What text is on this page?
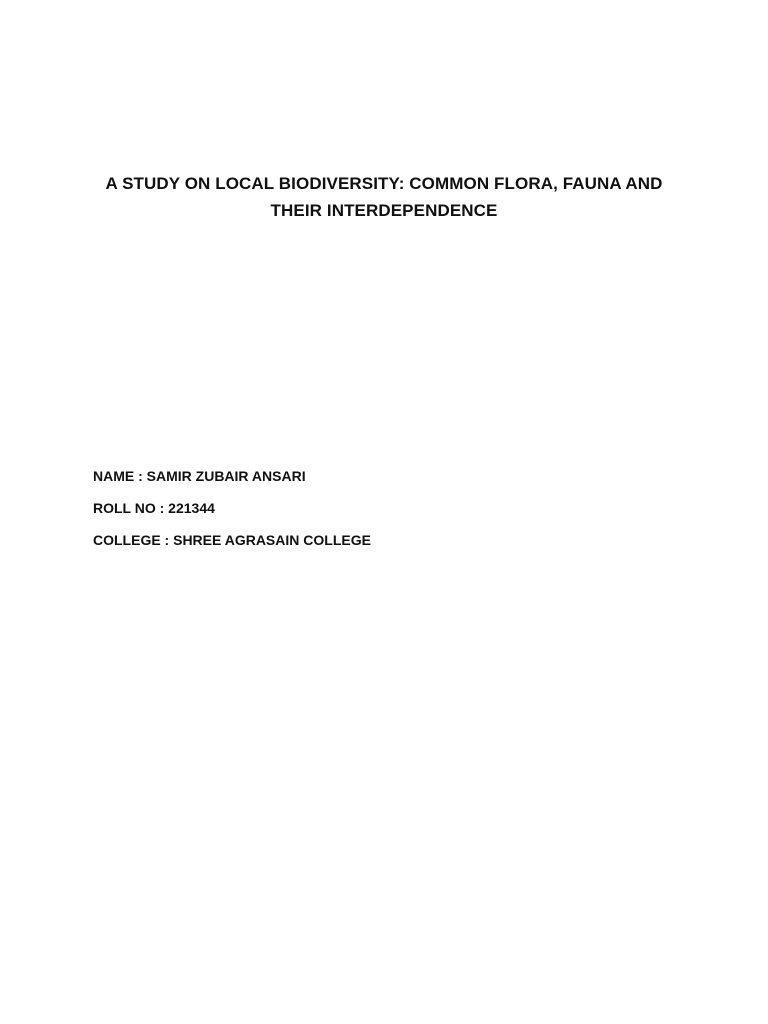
A STUDY ON LOCAL BIODIVERSITY: COMMON FLORA, FAUNA AND
THEIR INTERDEPENDENCE
NAME : SAMIR ZUBAIR ANSARI
ROLL NO : 221344
COLLEGE : SHREE AGRASAIN COLLEGE
